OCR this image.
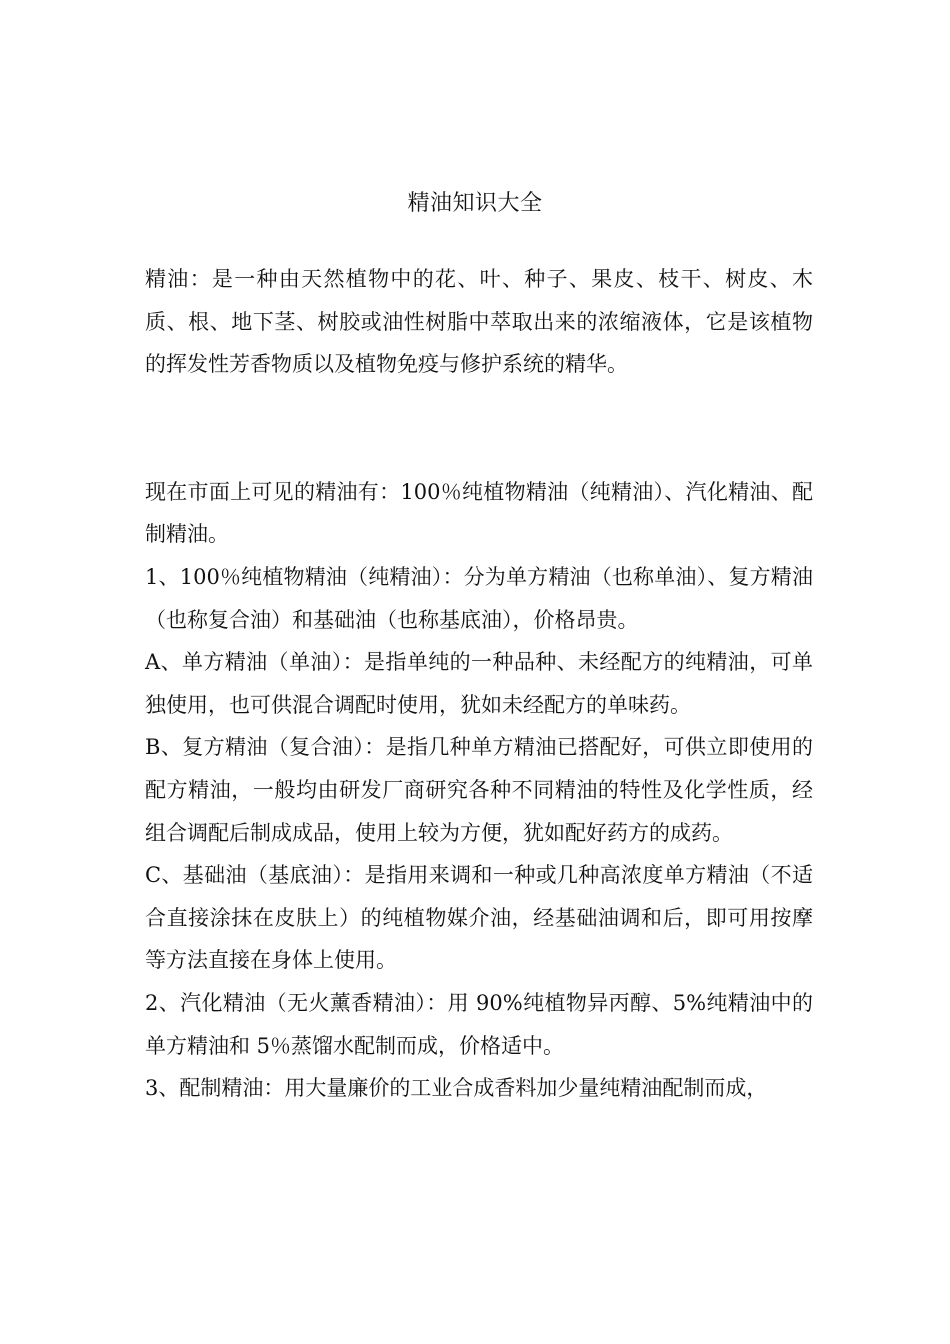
精油知识大全

精油：是一种由天然植物中的花、叶、种子、果皮、枝干、树皮、木质、根、地下茎、树胶或油性树脂中萃取出来的浓缩液体，它是该植物的挥发性芳香物质以及植物免疫与修护系统的精华。

现在市面上可见的精油有：100％纯植物精油（纯精油）、汽化精油、配制精油。

1、100％纯植物精油（纯精油）：分为单方精油（也称单油）、复方精油（也称复合油）和基础油（也称基底油），价格昂贵。

A、单方精油（单油）：是指单纯的一种品种、未经配方的纯精油，可单独使用，也可供混合调配时使用，犹如未经配方的单味药。

B、复方精油（复合油）：是指几种单方精油已搭配好，可供立即使用的配方精油，一般均由研发厂商研究各种不同精油的特性及化学性质，经组合调配后制成成品，使用上较为方便，犹如配好药方的成药。

C、基础油（基底油）：是指用来调和一种或几种高浓度单方精油（不适合直接涂抹在皮肤上）的纯植物媒介油，经基础油调和后，即可用按摩等方法直接在身体上使用。

2、汽化精油（无火薰香精油）：用 90%纯植物异丙醇、5%纯精油中的单方精油和 5％蒸馏水配制而成，价格适中。

3、配制精油：用大量廉价的工业合成香料加少量纯精油配制而成，
